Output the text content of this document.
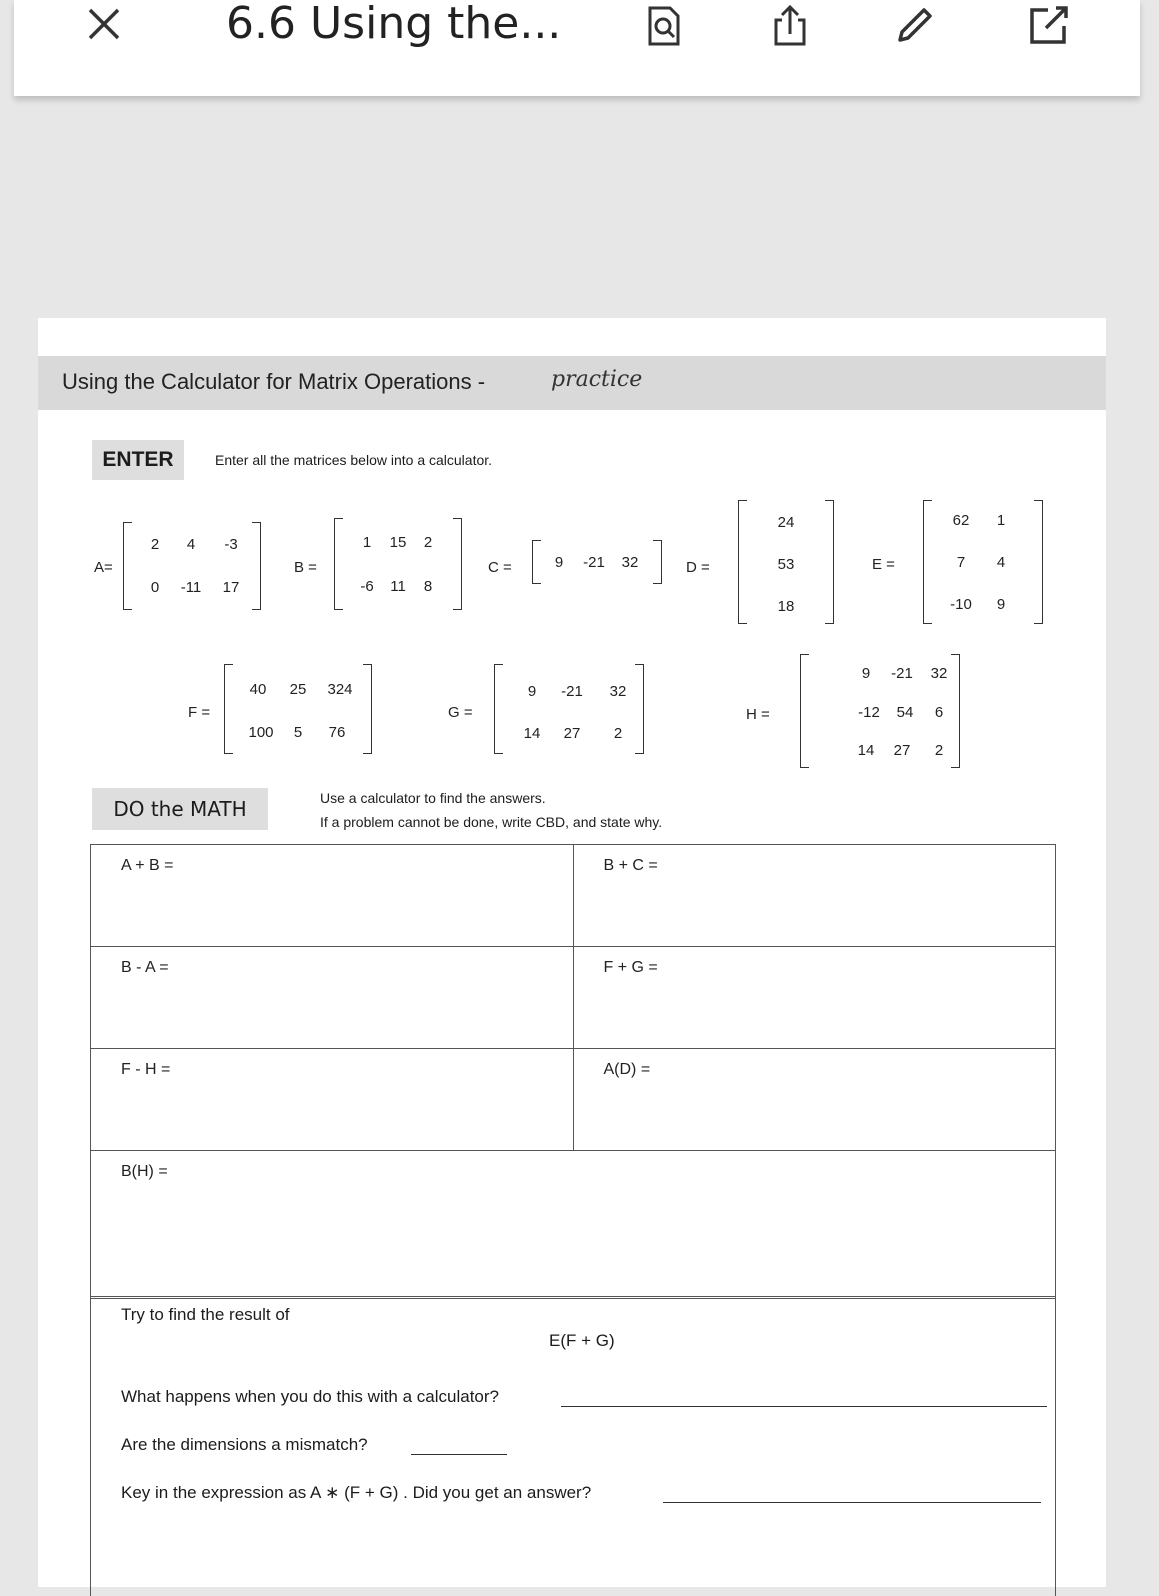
6.6 Using the...
Using the Calculator for Matrix Operations -	practice
ENTER	Enter all the matrices below into a calculator.
A=
2 4 -3
0 -11 17
B =
1 15 2
-6 11 8
C =	9 -21 32	D =
24
53
18
E =
62 1
7 4
-10 9
F =
40 25 324
100 5 76
G =
9 -21 32
14 27 2
H =
9 -21 32
-12 54 6
14 27 2
DO the MATH	Use a calculator to find the answers.
If a problem cannot be done, write CBD, and state why.
A + B =	B + C =
B - A =	F + G =
F - H =	A(D) =
B(H) =	
Try to find the result of
E(F + G)
What happens when you do this with a calculator?
Are the dimensions a mismatch?
Key in the expression as A ∗ (F + G) . Did you get an answer?
